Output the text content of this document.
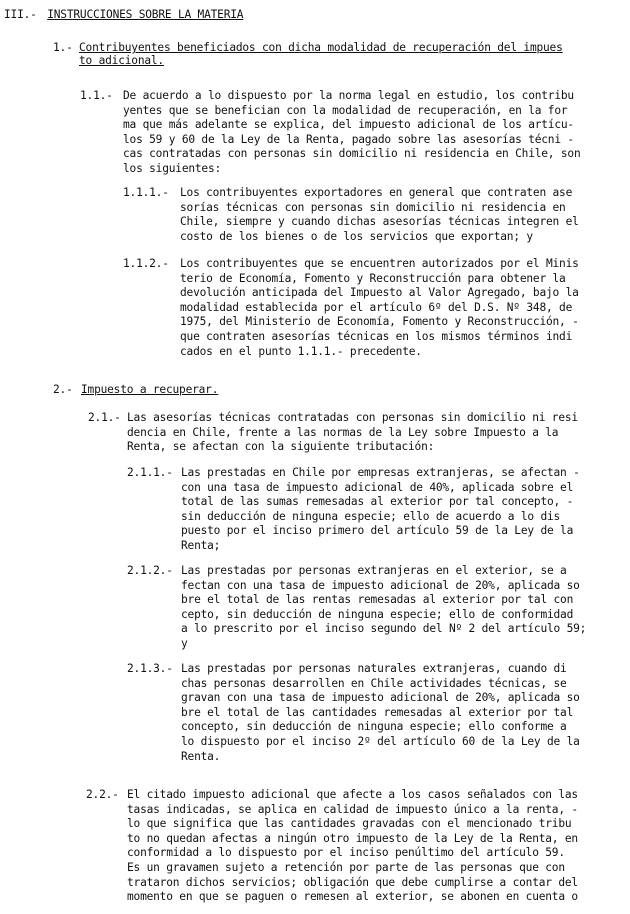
III.- INSTRUCCIONES SOBRE LA MATERIA
1.- Contribuyentes beneficiados con dicha modalidad de recuperación del impues
to adicional.
1.1.- De acuerdo a lo dispuesto por la norma legal en estudio, los contribu
yentes que se benefician con la modalidad de recuperación, en la for
ma que más adelante se explica, del impuesto adicional de los artícu-
los 59 y 60 de la Ley de la Renta, pagado sobre las asesorías técni -
cas contratadas con personas sin domicilio ni residencia en Chile, son
los siguientes:
1.1.1.- Los contribuyentes exportadores en general que contraten ase
sorías técnicas con personas sin domicilio ni residencia en
Chile, siempre y cuando dichas asesorías técnicas integren el
costo de los bienes o de los servicios que exportan; y
1.1.2.- Los contribuyentes que se encuentren autorizados por el Minis
terio de Economía, Fomento y Reconstrucción para obtener la
devolución anticipada del Impuesto al Valor Agregado, bajo la
modalidad establecida por el artículo 6º del D.S. Nº 348, de
1975, del Ministerio de Economía, Fomento y Reconstrucción, -
que contraten asesorías técnicas en los mismos términos indi
cados en el punto 1.1.1.- precedente.
2.- Impuesto a recuperar.
2.1.- Las asesorías técnicas contratadas con personas sin domicilio ni resi
dencia en Chile, frente a las normas de la Ley sobre Impuesto a la
Renta, se afectan con la siguiente tributación:
2.1.1.- Las prestadas en Chile por empresas extranjeras, se afectan -
con una tasa de impuesto adicional de 40%, aplicada sobre el
total de las sumas remesadas al exterior por tal concepto, -
sin deducción de ninguna especie; ello de acuerdo a lo dis
puesto por el inciso primero del artículo 59 de la Ley de la
Renta;
2.1.2.- Las prestadas por personas extranjeras en el exterior, se a
fectan con una tasa de impuesto adicional de 20%, aplicada so
bre el total de las rentas remesadas al exterior por tal con
cepto, sin deducción de ninguna especie; ello de conformidad
a lo prescrito por el inciso segundo del Nº 2 del artículo 59;
y
2.1.3.- Las prestadas por personas naturales extranjeras, cuando di
chas personas desarrollen en Chile actividades técnicas, se
gravan con una tasa de impuesto adicional de 20%, aplicada so
bre el total de las cantidades remesadas al exterior por tal
concepto, sin deducción de ninguna especie; ello conforme a
lo dispuesto por el inciso 2º del artículo 60 de la Ley de la
Renta.
2.2.- El citado impuesto adicional que afecte a los casos señalados con las
tasas indicadas, se aplica en calidad de impuesto único a la renta, -
lo que significa que las cantidades gravadas con el mencionado tribu
to no quedan afectas a ningún otro impuesto de la Ley de la Renta, en
conformidad a lo dispuesto por el inciso penúltimo del artículo 59.
Es un gravamen sujeto a retención por parte de las personas que con
trataron dichos servicios; obligación que debe cumplirse a contar del
momento en que se paguen o remesen al exterior, se abonen en cuenta o
